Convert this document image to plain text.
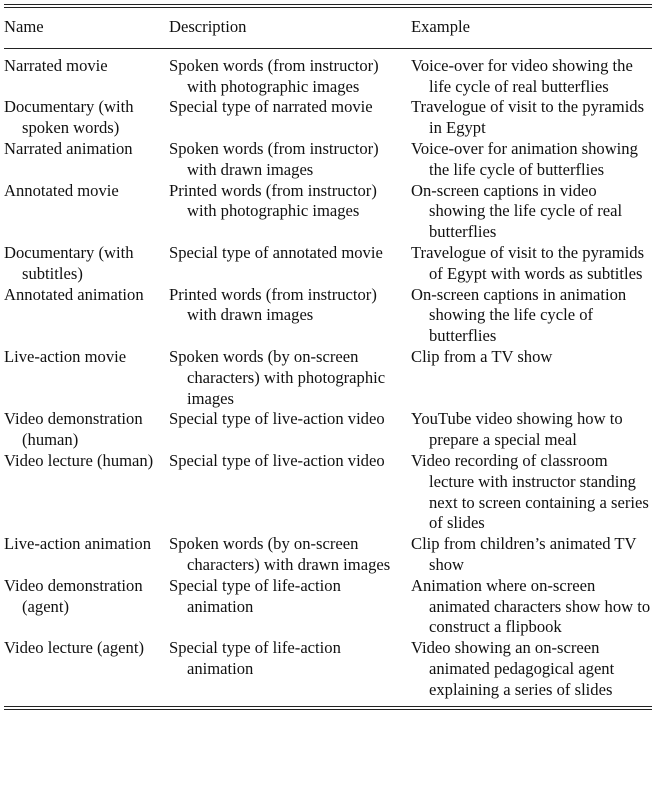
Name	Description	Example

Narrated movie	Spoken words (from instructor) with photographic images	Voice-over for video showing the life cycle of real butterflies
Documentary (with spoken words)	Special type of narrated movie	Travelogue of visit to the pyramids in Egypt
Narrated animation	Spoken words (from instructor) with drawn images	Voice-over for animation showing the life cycle of butterflies
Annotated movie	Printed words (from instructor) with photographic images	On-screen captions in video showing the life cycle of real butterflies
Documentary (with subtitles)	Special type of annotated movie	Travelogue of visit to the pyramids of Egypt with words as subtitles
Annotated animation	Printed words (from instructor) with drawn images	On-screen captions in animation showing the life cycle of butterflies
Live-action movie	Spoken words (by on-screen characters) with photographic images	Clip from a TV show
Video demonstration (human)	Special type of live-action video	YouTube video showing how to prepare a special meal
Video lecture (human)	Special type of live-action video	Video recording of classroom lecture with instructor standing next to screen containing a series of slides
Live-action animation	Spoken words (by on-screen characters) with drawn images	Clip from children’s animated TV show
Video demonstration (agent)	Special type of life-action animation	Animation where on-screen animated characters show how to construct a flipbook
Video lecture (agent)	Special type of life-action animation	Video showing an on-screen animated pedagogical agent explaining a series of slides
